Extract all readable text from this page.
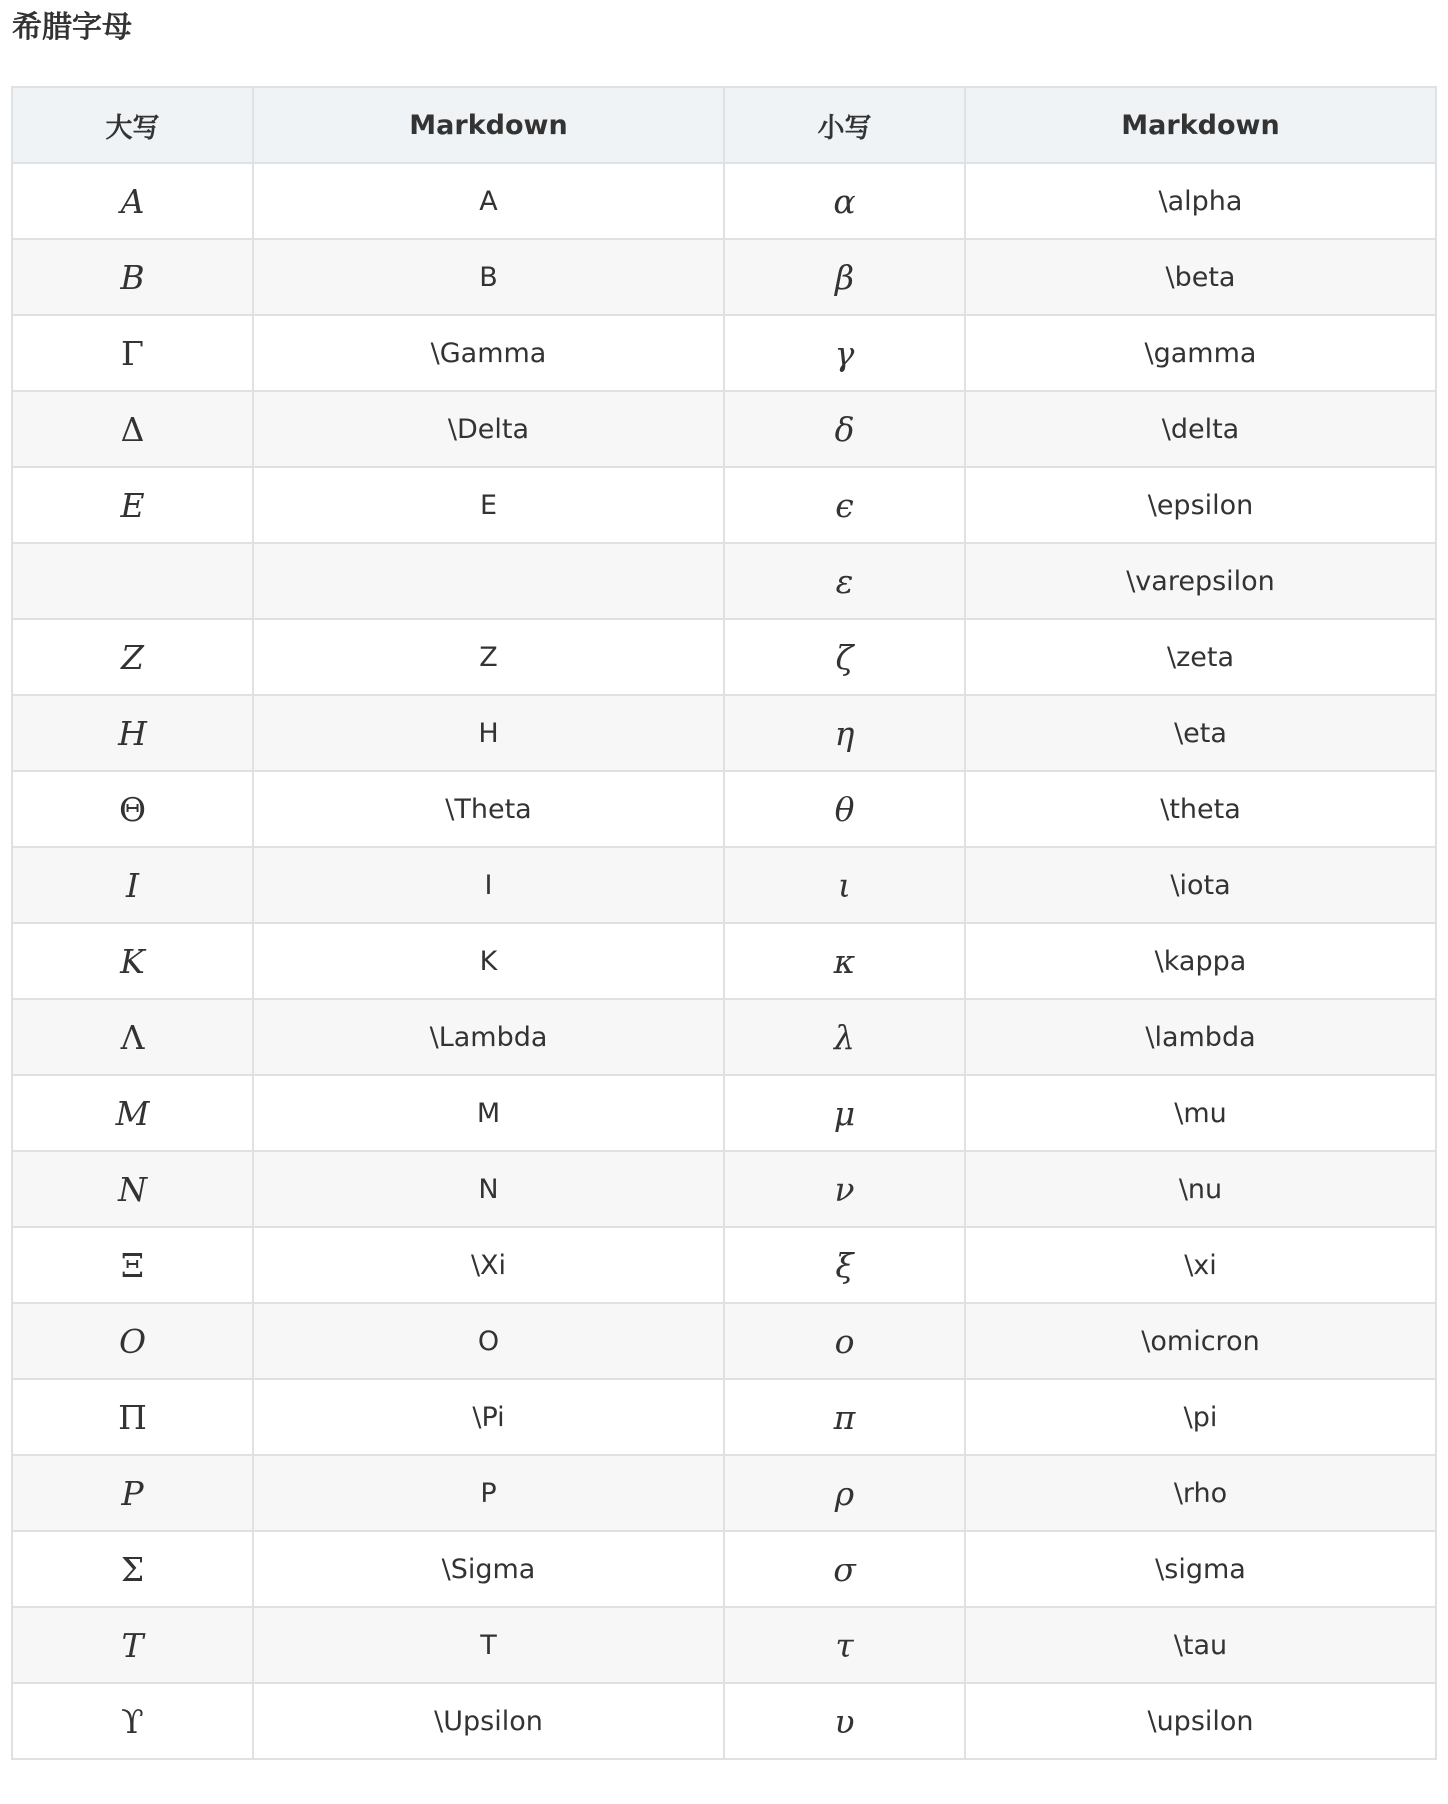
希腊字母
大写	Markdown	小写	Markdown
A	A	α	\alpha
B	B	β	\beta
Γ	\Gamma	γ	\gamma
Δ	\Delta	δ	\delta
E	E	ϵ	\epsilon
		ε	\varepsilon
Z	Z	ζ	\zeta
H	H	η	\eta
Θ	\Theta	θ	\theta
I	I	ι	\iota
K	K	κ	\kappa
Λ	\Lambda	λ	\lambda
M	M	μ	\mu
N	N	ν	\nu
Ξ	\Xi	ξ	\xi
O	O	ο	\omicron
Π	\Pi	π	\pi
P	P	ρ	\rho
Σ	\Sigma	σ	\sigma
T	T	τ	\tau
ϒ	\Upsilon	υ	\upsilon
